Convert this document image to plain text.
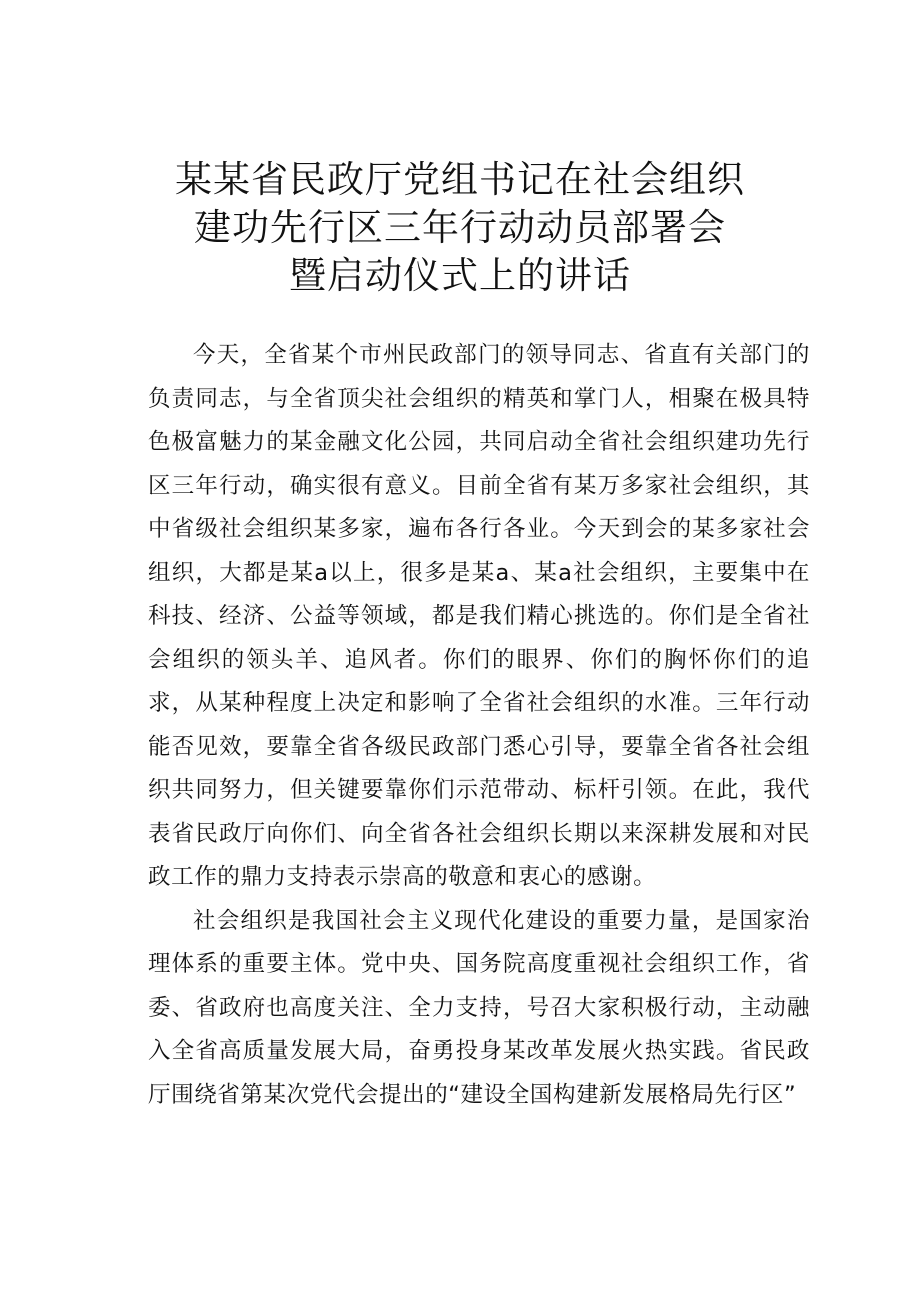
某某省民政厅党组书记在社会组织
建功先行区三年行动动员部署会
暨启动仪式上的讲话

今天，全省某个市州民政部门的领导同志、省直有关部门的负责同志，与全省顶尖社会组织的精英和掌门人，相聚在极具特色极富魅力的某金融文化公园，共同启动全省社会组织建功先行区三年行动，确实很有意义。目前全省有某万多家社会组织，其中省级社会组织某多家，遍布各行各业。今天到会的某多家社会组织，大都是某a以上，很多是某a、某a社会组织，主要集中在科技、经济、公益等领域，都是我们精心挑选的。你们是全省社会组织的领头羊、追风者。你们的眼界、你们的胸怀你们的追求，从某种程度上决定和影响了全省社会组织的水准。三年行动能否见效，要靠全省各级民政部门悉心引导，要靠全省各社会组织共同努力，但关键要靠你们示范带动、标杆引领。在此，我代表省民政厅向你们、向全省各社会组织长期以来深耕发展和对民政工作的鼎力支持表示崇高的敬意和衷心的感谢。

社会组织是我国社会主义现代化建设的重要力量，是国家治理体系的重要主体。党中央、国务院高度重视社会组织工作，省委、省政府也高度关注、全力支持，号召大家积极行动，主动融入全省高质量发展大局，奋勇投身某改革发展火热实践。省民政厅围绕省第某次党代会提出的“建设全国构建新发展格局先行区”
